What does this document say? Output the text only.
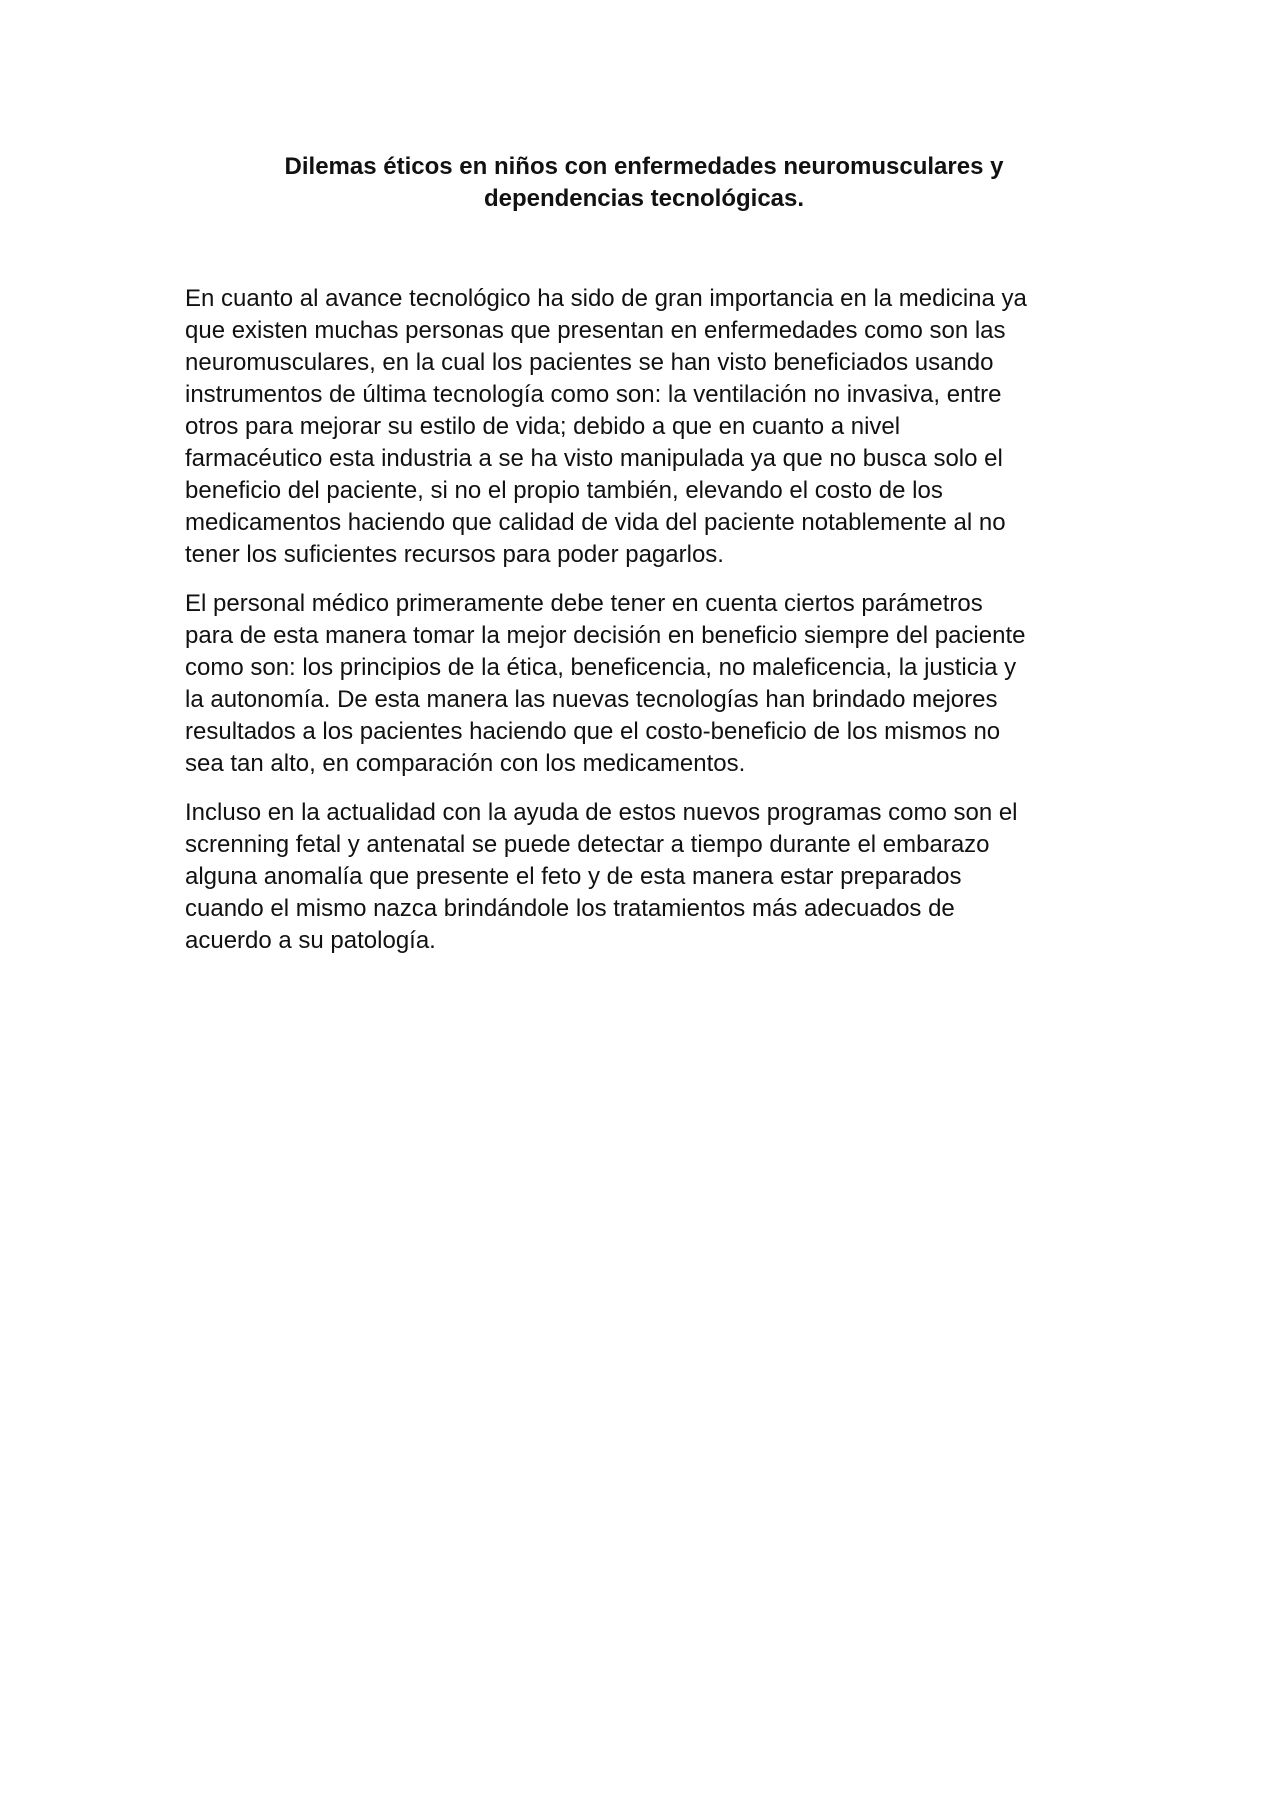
Dilemas éticos en niños con enfermedades neuromusculares y
dependencias tecnológicas.

En cuanto al avance tecnológico ha sido de gran importancia en la medicina ya
que existen muchas personas que presentan en enfermedades como son las
neuromusculares, en la cual los pacientes se han visto beneficiados usando
instrumentos de última tecnología como son: la ventilación no invasiva, entre
otros para mejorar su estilo de vida; debido a que en cuanto a nivel
farmacéutico esta industria a se ha visto manipulada ya que no busca solo el
beneficio del paciente, si no el propio también, elevando el costo de los
medicamentos haciendo que calidad de vida del paciente notablemente al no
tener los suficientes recursos para poder pagarlos.

El personal médico primeramente debe tener en cuenta ciertos parámetros
para de esta manera tomar la mejor decisión en beneficio siempre del paciente
como son: los principios de la ética, beneficencia, no maleficencia, la justicia y
la autonomía. De esta manera las nuevas tecnologías han brindado mejores
resultados a los pacientes haciendo que el costo-beneficio de los mismos no
sea tan alto, en comparación con los medicamentos.

Incluso en la actualidad con la ayuda de estos nuevos programas como son el
screnning fetal y antenatal se puede detectar a tiempo durante el embarazo
alguna anomalía que presente el feto y de esta manera estar preparados
cuando el mismo nazca brindándole los tratamientos más adecuados de
acuerdo a su patología.
